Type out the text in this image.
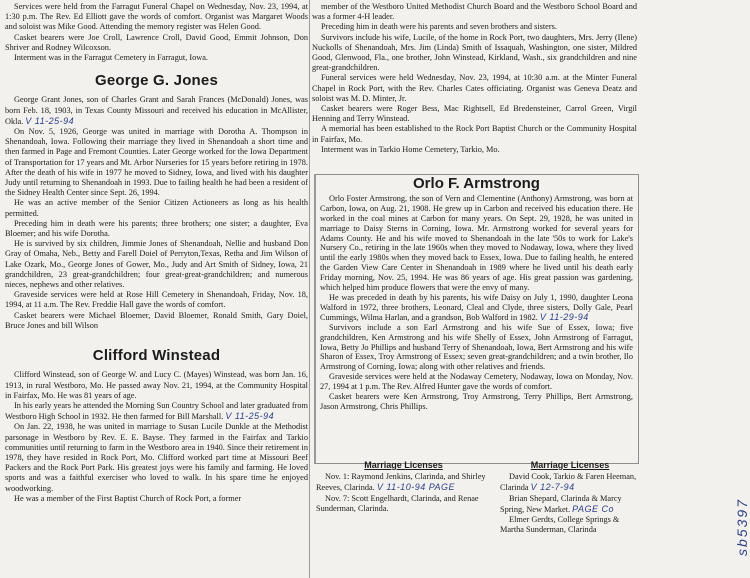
Services were held from the Farragut Funeral Chapel on Wednesday, Nov. 23, 1994, at 1:30 p.m. The Rev. Ed Elliott gave the words of comfort. Organist was Margaret Woods and soloist was Mike Good. Attending the memory register was Helen Good.

Casket bearers were Joe Croll, Lawrence Croll, David Good, Emmit Johnson, Don Shriver and Rodney Wilcoxson.

Interment was in the Farragut Cemetery in Farragut, Iowa.

George G. Jones

George Grant Jones, son of Charles Grant and Sarah Frances (McDonald) Jones, was born Feb. 18, 1903, in Texas County Missouri and received his education in McAllister, Okla. V 11-25-94

On Nov. 5, 1926, George was united in marriage with Dorotha A. Thompson in Shenandoah, Iowa. Following their marriage they lived in Shenandoah a short time and then farmed in Page and Fremont Counties. Later George worked for the Iowa Department of Transportation for 17 years and Mt. Arbor Nurseries for 15 years before retiring in 1978. After the death of his wife in 1977 he moved to Sidney, Iowa, and lived with his daughter Judy until returning to Shenandoah in 1993. Due to failing health he had been a resident of the Sidney Health Center since Sept. 26, 1994.

He was an active member of the Senior Citizen Actioneers as long as his health permitted.

Preceding him in death were his parents; three brothers; one sister; a daughter, Eva Bloemer; and his wife Dorotha.

He is survived by six children, Jimmie Jones of Shenandoah, Nellie and husband Don Gray of Omaha, Neb., Betty and Farell Doiel of Perryton,Texas, Retha and Jim Wilson of Lake Ozark, Mo., George Jones of Gower, Mo., Judy and Art Smith of Sidney, Iowa, 21 grandchildren, 23 great-grandchildren; four great-great-grandchildren; and numerous nieces, nephews and other relatives.

Graveside services were held at Rose Hill Cemetery in Shenandoah, Friday, Nov. 18, 1994, at 11 a.m. The Rev. Freddie Hall gave the words of comfort.

Casket bearers were Michael Bloemer, David Bloemer, Ronald Smith, Gary Doiel, Bruce Jones and bill Wilson

Clifford Winstead

Clifford Winstead, son of George W. and Lucy C. (Mayes) Winstead, was born Jan. 16, 1913, in rural Westboro, Mo. He passed away Nov. 21, 1994, at the Community Hospital in Fairfax, Mo. He was 81 years of age.

In his early years he attended the Morning Sun Country School and later graduated from Westboro High School in 1932. He then farmed for Bill Marshall. V 11-25-94

On Jan. 22, 1938, he was united in marriage to Susan Lucile Dunkle at the Methodist parsonage in Westboro by Rev. E. E. Bayse. They farmed in the Fairfax and Tarkio communities until returning to farm in the Westboro area in 1940. Since their retirement in 1978, they have resided in Rock Port, Mo. Clifford worked part time at Missouri Beef Packers and the Rock Port Park. His greatest joys were his family and farming. He loved sports and was a faithful exerciser who loved to walk. In his spare time he enjoyed woodworking.

He was a member of the First Baptist Church of Rock Port, a former

member of the Westboro United Methodist Church Board and the Westboro School Board and was a former 4-H leader.

Preceding him in death were his parents and seven brothers and sisters.

Survivors include his wife, Lucile, of the home in Rock Port, two daughters, Mrs. Jerry (Ilene) Nuckolls of Shenandoah, Mrs. Jim (Linda) Smith of Issaquah, Washington, one sister, Mildred Good, Glenwood, Fla., one brother, John Winstead, Kirkland, Wash., six grandchildren and nine great-grandchildren.

Funeral services were held Wednesday, Nov. 23, 1994, at 10:30 a.m. at the Minter Funeral Chapel in Rock Port, with the Rev. Charles Cates officiating. Organist was Geneva Deatz and soloist was M. D. Minter, Jr.

Casket bearers were Roger Bess, Mac Rightsell, Ed Bredensteiner, Carrol Green, Virgil Henning and Terry Winstead.

A memorial has been established to the Rock Port Baptist Church or the Community Hospital in Fairfax, Mo.

Interment was in Tarkio Home Cemetery, Tarkio, Mo.

Orlo F. Armstrong

Orlo Foster Armstrong, the son of Vern and Clementine (Anthony) Armstrong, was born at Carbon, Iowa, on Aug. 21, 1908. He grew up in Carbon and received his education there. He worked in the coal mines at Carbon for many years. On Sept. 29, 1928, he was united in marriage to Daisy Sterns in Corning, Iowa. Mr. Armstrong worked for several years for Adams County. He and his wife moved to Shenandoah in the late '50s to work for Lake's Nursery Co., retiring in the late 1960s when they moved to Nodaway, Iowa, where they lived until the early 1980s when they moved back to Essex, Iowa. Due to failing health, he entered the Garden View Care Center in Shenandoah in 1989 where he lived until his death early Friday morning, Nov. 25, 1994. He was 86 years of age. His great passion was gardening, which helped him produce flowers that were the envy of many.

He was preceded in death by his parents, his wife Daisy on July 1, 1990, daughter Leona Walford in 1972, three brothers, Leonard, Cleal and Clyde, three sisters, Dolly Gale, Pearl Cummings, Wilma Harlan, and a grandson, Bob Walford in 1982. V 11-29-94

Survivors include a son Earl Armstrong and his wife Sue of Essex, Iowa; five grandchildren, Ken Armstrong and his wife Shelly of Essex, John Armstrong of Farragut, Iowa, Betty Jo Phillips and husband Terry of Shenandoah, Iowa, Bert Armstrong and his wife Sharon of Essex, Troy Armstrong of Essex; seven great-grandchildren; and a twin brother, Ilo Armstrong of Corning, Iowa; along with other relatives and friends.

Graveside services were held at the Nodaway Cemetery, Nodaway, Iowa on Monday, Nov. 27, 1994 at 1 p.m. The Rev. Alfred Hunter gave the words of comfort.

Casket bearers were Ken Armstrong, Troy Armstrong, Terry Phillips, Bert Armstrong, Jason Armstrong, Chris Phillips.

Marriage Licenses

Nov. 1: Raymond Jenkins, Clarinda, and Shirley Reeves, Clarinda. V 11-10-94 PAGE

Nov. 7: Scott Engelhardt, Clarinda, and Renae Sunderman, Clarinda.

Marriage Licenses

David Cook, Tarkio & Faren Heeman, Clarinda V 12-7-94

Brian Shepard, Clarinda & Marcy Spring, New Market. PAGE Co

Elmer Gerdts, College Springs & Martha Sunderman, Clarinda	sb5397
